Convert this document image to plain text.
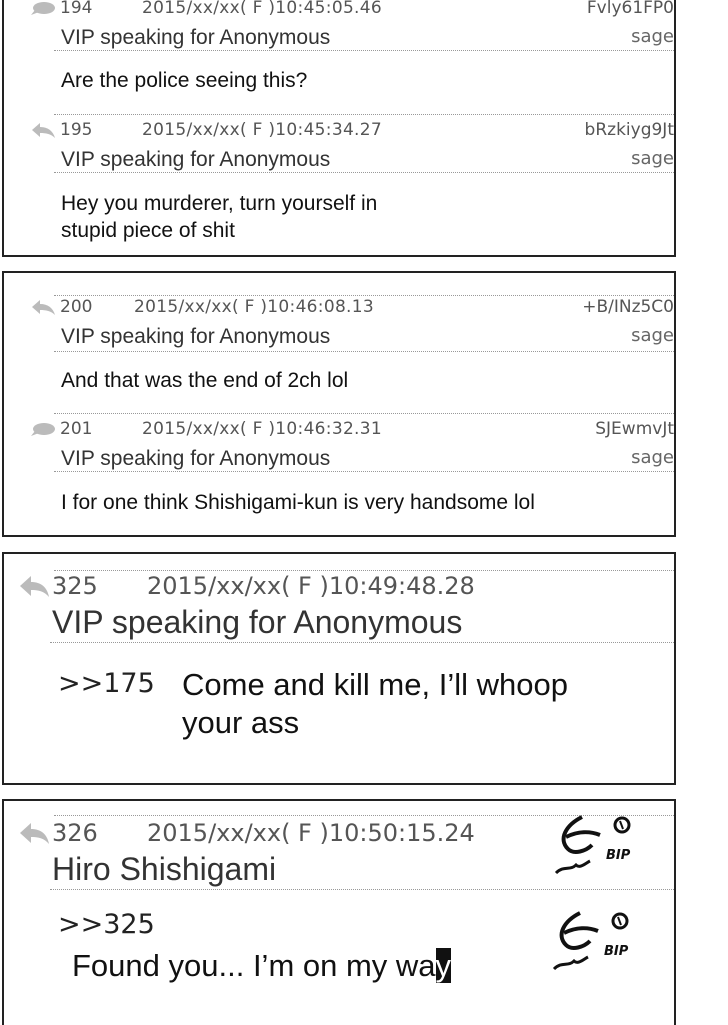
194	2015/xx/xx( F )10:45:05.46	Fvly61FP0
VIP speaking for Anonymous	sage
Are the police seeing this?
195	2015/xx/xx( F )10:45:34.27	bRzkiyg9Jt
VIP speaking for Anonymous	sage
Hey you murderer, turn yourself in
stupid piece of shit
200 2015/xx/xx( F )10:46:08.13	+B/INz5C0
VIP speaking for Anonymous	sage
And that was the end of 2ch lol
201	2015/xx/xx( F )10:46:32.31	SJEwmvJt
VIP speaking for Anonymous	sage
I for one think Shishigami-kun is very handsome lol
325 2015/xx/xx( F )10:49:48.28
VIP speaking for Anonymous
>>175 Come and kill me, I’ll whoop
your ass
326 2015/xx/xx( F )10:50:15.24
Hiro Shishigami
>>325
Found you... I’m on my way
BIP
BIP
